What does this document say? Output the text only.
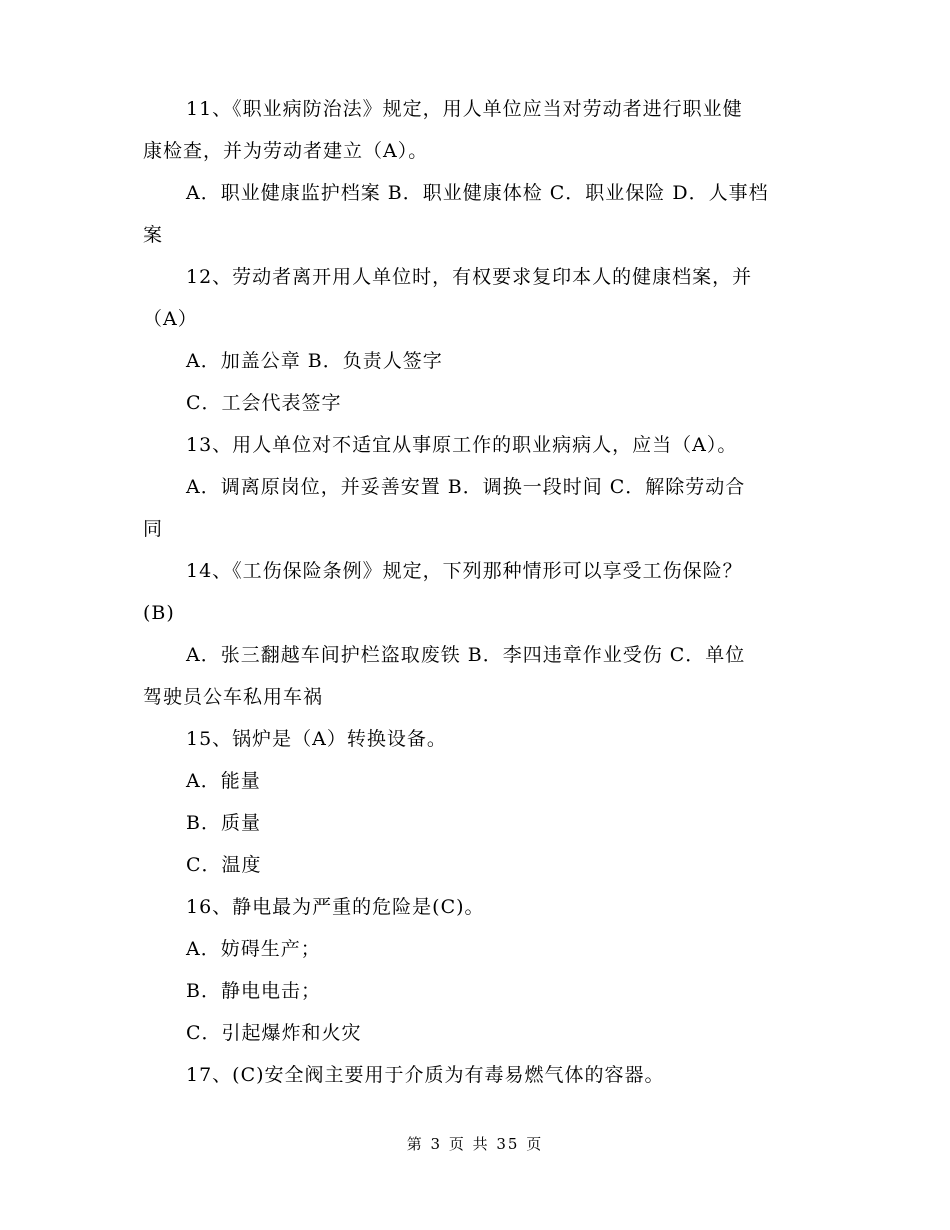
11、《职业病防治法》规定，用人单位应当对劳动者进行职业健
康检查，并为劳动者建立（A）。
A．职业健康监护档案 B．职业健康体检 C．职业保险 D．人事档
案
12、劳动者离开用人单位时，有权要求复印本人的健康档案，并
（A）
A．加盖公章 B．负责人签字
C．工会代表签字
13、用人单位对不适宜从事原工作的职业病病人，应当（A）。
A．调离原岗位，并妥善安置 B．调换一段时间 C．解除劳动合
同
14、《工伤保险条例》规定，下列那种情形可以享受工伤保险？
(B)
A．张三翻越车间护栏盗取废铁 B．李四违章作业受伤 C．单位
驾驶员公车私用车祸
15、锅炉是（A）转换设备。
A．能量
B．质量
C．温度
16、静电最为严重的危险是(C)。
A．妨碍生产；
B．静电电击；
C．引起爆炸和火灾
17、(C)安全阀主要用于介质为有毒易燃气体的容器。
第 3 页 共 35 页
